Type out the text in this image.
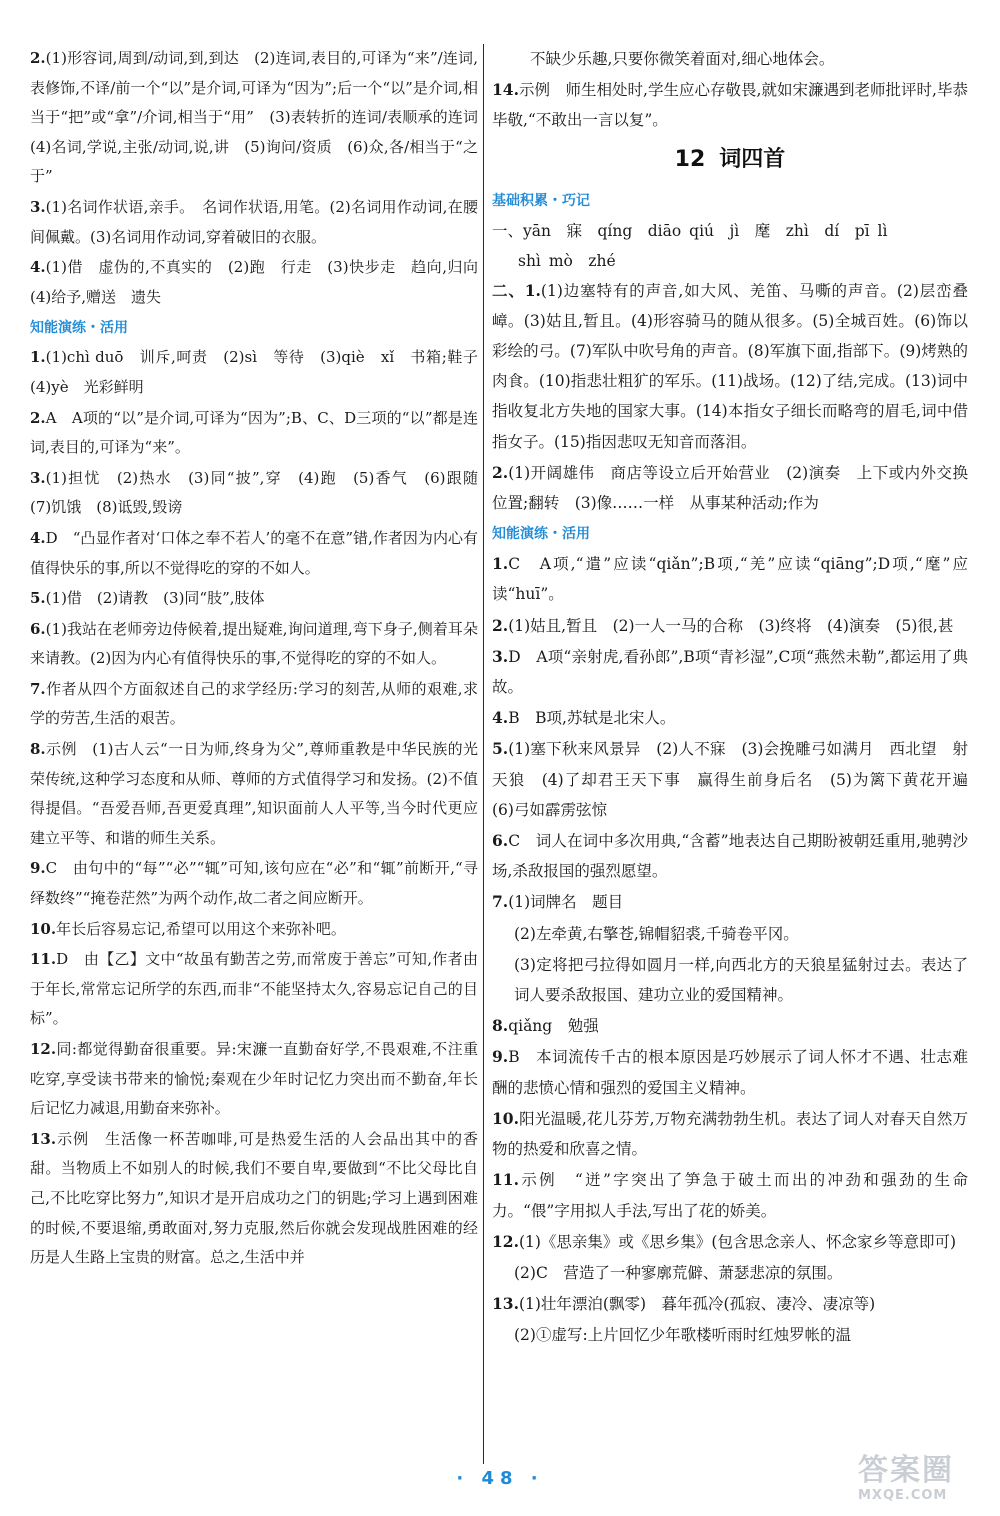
2.(1)形容词,周到/动词,到,到达　(2)连词,表目的,可译为“来”/连词,表修饰,不译/前一个“以”是介词,可译为“因为”;后一个“以”是介词,相当于“把”或“拿”/介词,相当于“用”　(3)表转折的连词/表顺承的连词　(4)名词,学说,主张/动词,说,讲　(5)询问/资质　(6)众,各/相当于“之于”
3.(1)名词作状语,亲手。　名词作状语,用笔。(2)名词用作动词,在腰间佩戴。(3)名词用作动词,穿着破旧的衣服。
4.(1)借　虚伪的,不真实的　(2)跑　行走　(3)快步走　趋向,归向　(4)给予,赠送　遗失
知能演练・活用
1.(1)chì duō　训斥,呵责　(2)sì　等待　(3)qiè　xǐ　书箱;鞋子　(4)yè　光彩鲜明
2.A　A项的“以”是介词,可译为“因为”;B、C、D三项的“以”都是连词,表目的,可译为“来”。
3.(1)担忧　(2)热水　(3)同“披”,穿　(4)跑　(5)香气　(6)跟随　(7)饥饿　(8)诋毁,毁谤
4.D　“凸显作者对‘口体之奉不若人’的毫不在意”错,作者因为内心有值得快乐的事,所以不觉得吃的穿的不如人。
5.(1)借　(2)请教　(3)同“肢”,肢体
6.(1)我站在老师旁边侍候着,提出疑难,询问道理,弯下身子,侧着耳朵来请教。(2)因为内心有值得快乐的事,不觉得吃的穿的不如人。
7.作者从四个方面叙述自己的求学经历:学习的刻苦,从师的艰难,求学的劳苦,生活的艰苦。
8.示例　(1)古人云“一日为师,终身为父”,尊师重教是中华民族的光荣传统,这种学习态度和从师、尊师的方式值得学习和发扬。(2)不值得提倡。“吾爱吾师,吾更爱真理”,知识面前人人平等,当今时代更应建立平等、和谐的师生关系。
9.C　由句中的“每”“必”“辄”可知,该句应在“必”和“辄”前断开,“寻绎数终”“掩卷茫然”为两个动作,故二者之间应断开。
10.年长后容易忘记,希望可以用这个来弥补吧。
11.D　由【乙】文中“故虽有勤苦之劳,而常废于善忘”可知,作者由于年长,常常忘记所学的东西,而非“不能坚持太久,容易忘记自己的目标”。
12.同:都觉得勤奋很重要。异:宋濂一直勤奋好学,不畏艰难,不注重吃穿,享受读书带来的愉悦;秦观在少年时记忆力突出而不勤奋,年长后记忆力减退,用勤奋来弥补。
13.示例　生活像一杯苦咖啡,可是热爱生活的人会品出其中的香甜。当物质上不如别人的时候,我们不要自卑,要做到“不比父母比自己,不比吃穿比努力”,知识才是开启成功之门的钥匙;学习上遇到困难的时候,不要退缩,勇敢面对,努力克服,然后你就会发现战胜困难的经历是人生路上宝贵的财富。总之,生活中并
不缺少乐趣,只要你微笑着面对,细心地体会。
14.示例　师生相处时,学生应心存敬畏,就如宋濂遇到老师批评时,毕恭毕敬,“不敢出一言以复”。
12 词四首
基础积累・巧记
一、yān　寐　qíng　diāo qiú　jì　麾　zhì　dí　pī lì
shì mò　zhé
二、1.(1)边塞特有的声音,如大风、羌笛、马嘶的声音。(2)层峦叠嶂。(3)姑且,暂且。(4)形容骑马的随从很多。(5)全城百姓。(6)饰以彩绘的弓。(7)军队中吹号角的声音。(8)军旗下面,指部下。(9)烤熟的肉食。(10)指悲壮粗犷的军乐。(11)战场。(12)了结,完成。(13)词中指收复北方失地的国家大事。(14)本指女子细长而略弯的眉毛,词中借指女子。(15)指因悲叹无知音而落泪。
2.(1)开阔雄伟　商店等设立后开始营业　(2)演奏　上下或内外交换位置;翻转　(3)像……一样　从事某种活动;作为
知能演练・活用
1.C　A项,“遣”应读“qiǎn”;B项,“羌”应读“qiāng”;D项,“麾”应读“huī”。
2.(1)姑且,暂且　(2)一人一马的合称　(3)终将　(4)演奏　(5)很,甚
3.D　A项“亲射虎,看孙郎”,B项“青衫湿”,C项“燕然未勒”,都运用了典故。
4.B　B项,苏轼是北宋人。
5.(1)塞下秋来风景异　(2)人不寐　(3)会挽雕弓如满月　西北望　射天狼　(4)了却君王天下事　赢得生前身后名　(5)为篱下黄花开遍　(6)弓如霹雳弦惊
6.C　词人在词中多次用典,“含蓄”地表达自己期盼被朝廷重用,驰骋沙场,杀敌报国的强烈愿望。
7.(1)词牌名　题目
(2)左牵黄,右擎苍,锦帽貂裘,千骑卷平冈。
(3)定将把弓拉得如圆月一样,向西北方的天狼星猛射过去。表达了词人要杀敌报国、建功立业的爱国精神。
8.qiǎng　勉强
9.B　本词流传千古的根本原因是巧妙展示了词人怀才不遇、壮志难酬的悲愤心情和强烈的爱国主义精神。
10.阳光温暖,花儿芬芳,万物充满勃勃生机。表达了词人对春天自然万物的热爱和欣喜之情。
11.示例　“迸”字突出了笋急于破土而出的冲劲和强劲的生命力。“偎”字用拟人手法,写出了花的娇美。
12.(1)《思亲集》或《思乡集》(包含思念亲人、怀念家乡等意即可)
(2)C　营造了一种寥廓荒僻、萧瑟悲凉的氛围。
13.(1)壮年漂泊(飘零)　暮年孤冷(孤寂、凄冷、凄凉等)
(2)①虚写:上片回忆少年歌楼听雨时红烛罗帐的温
· 48 ·	答案圈
MXQE.COM
